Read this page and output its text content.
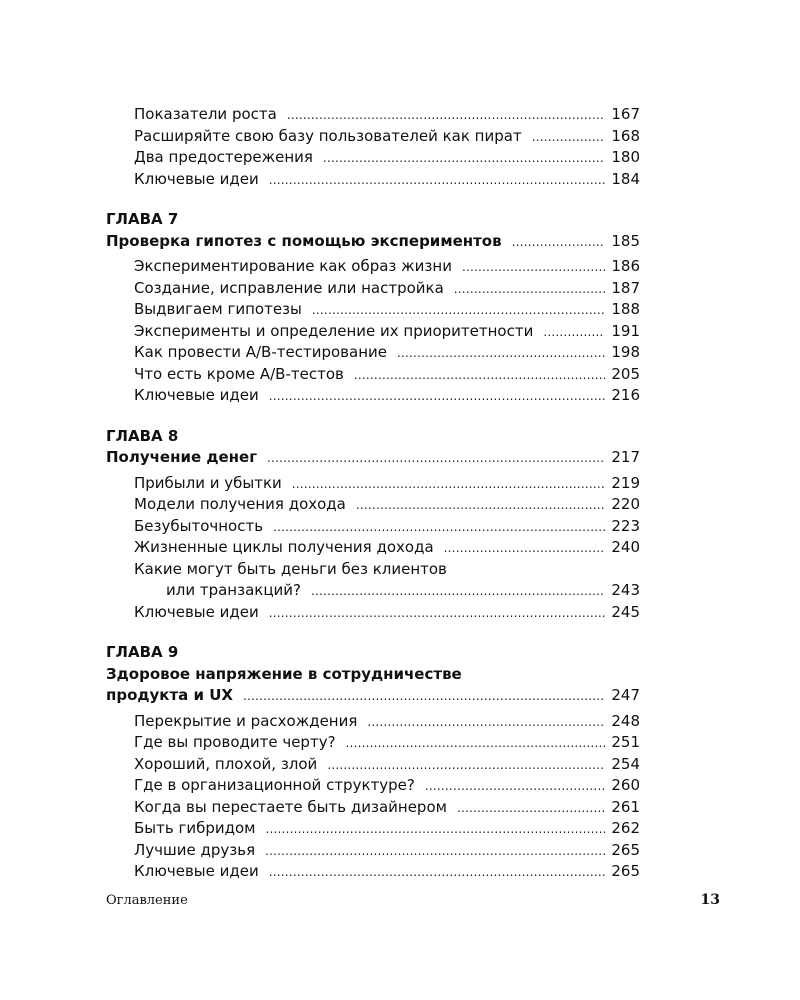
Показатели роста .....	167
Расширяйте свою базу пользователей как пират .....	168
Два предостережения .....	180
Ключевые идеи .....	184
ГЛАВА 7
Проверка гипотез с помощью экспериментов .....	185
Экспериментирование как образ жизни .....	186
Создание, исправление или настройка .....	187
Выдвигаем гипотезы .....	188
Эксперименты и определение их приоритетности .....	191
Как провести A/B-тестирование .....	198
Что есть кроме A/B-тестов .....	205
Ключевые идеи .....	216
ГЛАВА 8
Получение денег .....	217
Прибыли и убытки .....	219
Модели получения дохода .....	220
Безубыточность .....	223
Жизненные циклы получения дохода .....	240
Какие могут быть деньги без клиентов
или транзакций? .....	243
Ключевые идеи .....	245
ГЛАВА 9
Здоровое напряжение в сотрудничестве
продукта и UX .....	247
Перекрытие и расхождения .....	248
Где вы проводите черту? .....	251
Хороший, плохой, злой .....	254
Где в организационной структуре? .....	260
Когда вы перестаете быть дизайнером .....	261
Быть гибридом .....	262
Лучшие друзья .....	265
Ключевые идеи .....	265
Оглавление	13
